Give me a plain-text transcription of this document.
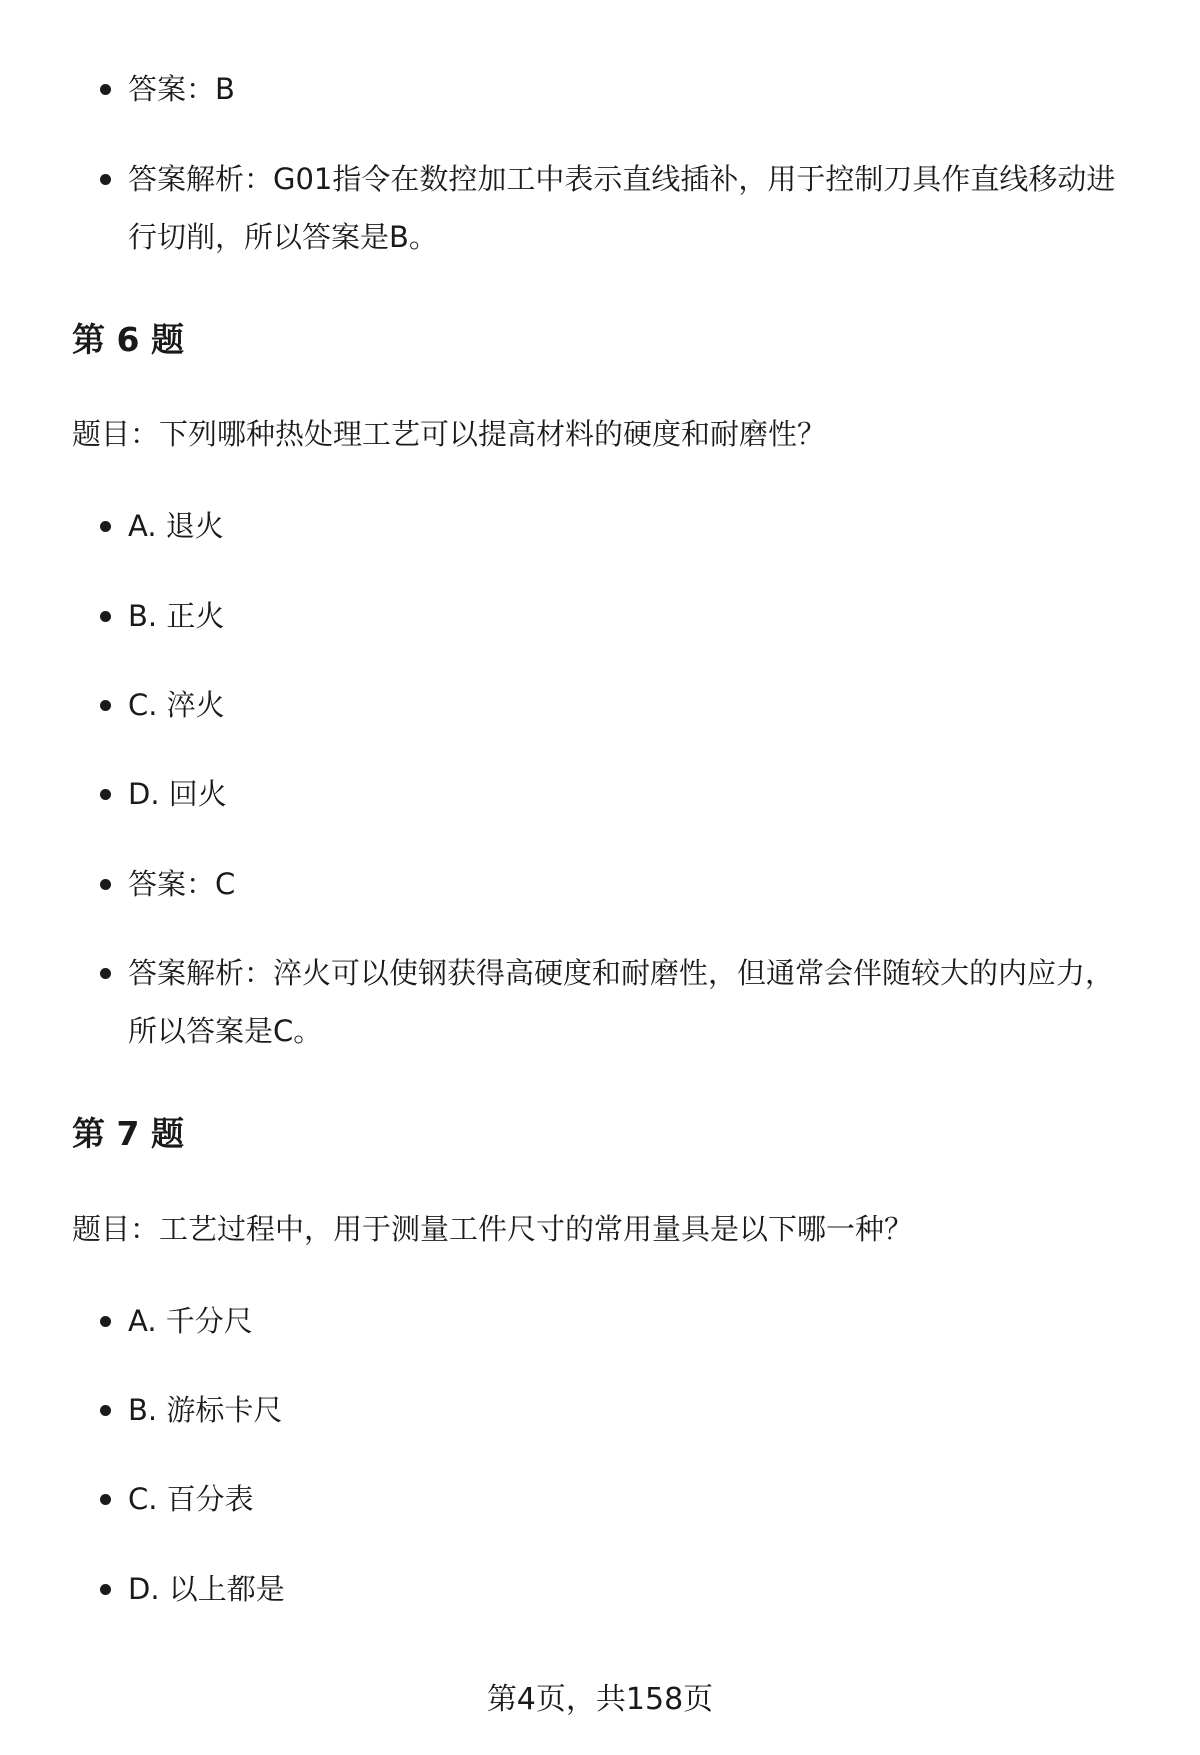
答案：B
答案解析：G01指令在数控加工中表示直线插补，用于控制刀具作直线移动进行切削，所以答案是B。
第 6 题
题目：下列哪种热处理工艺可以提高材料的硬度和耐磨性？
A. 退火
B. 正火
C. 淬火
D. 回火
答案：C
答案解析：淬火可以使钢获得高硬度和耐磨性，但通常会伴随较大的内应力，所以答案是C。
第 7 题
题目：工艺过程中，用于测量工件尺寸的常用量具是以下哪一种？
A. 千分尺
B. 游标卡尺
C. 百分表
D. 以上都是
第4页，共158页
